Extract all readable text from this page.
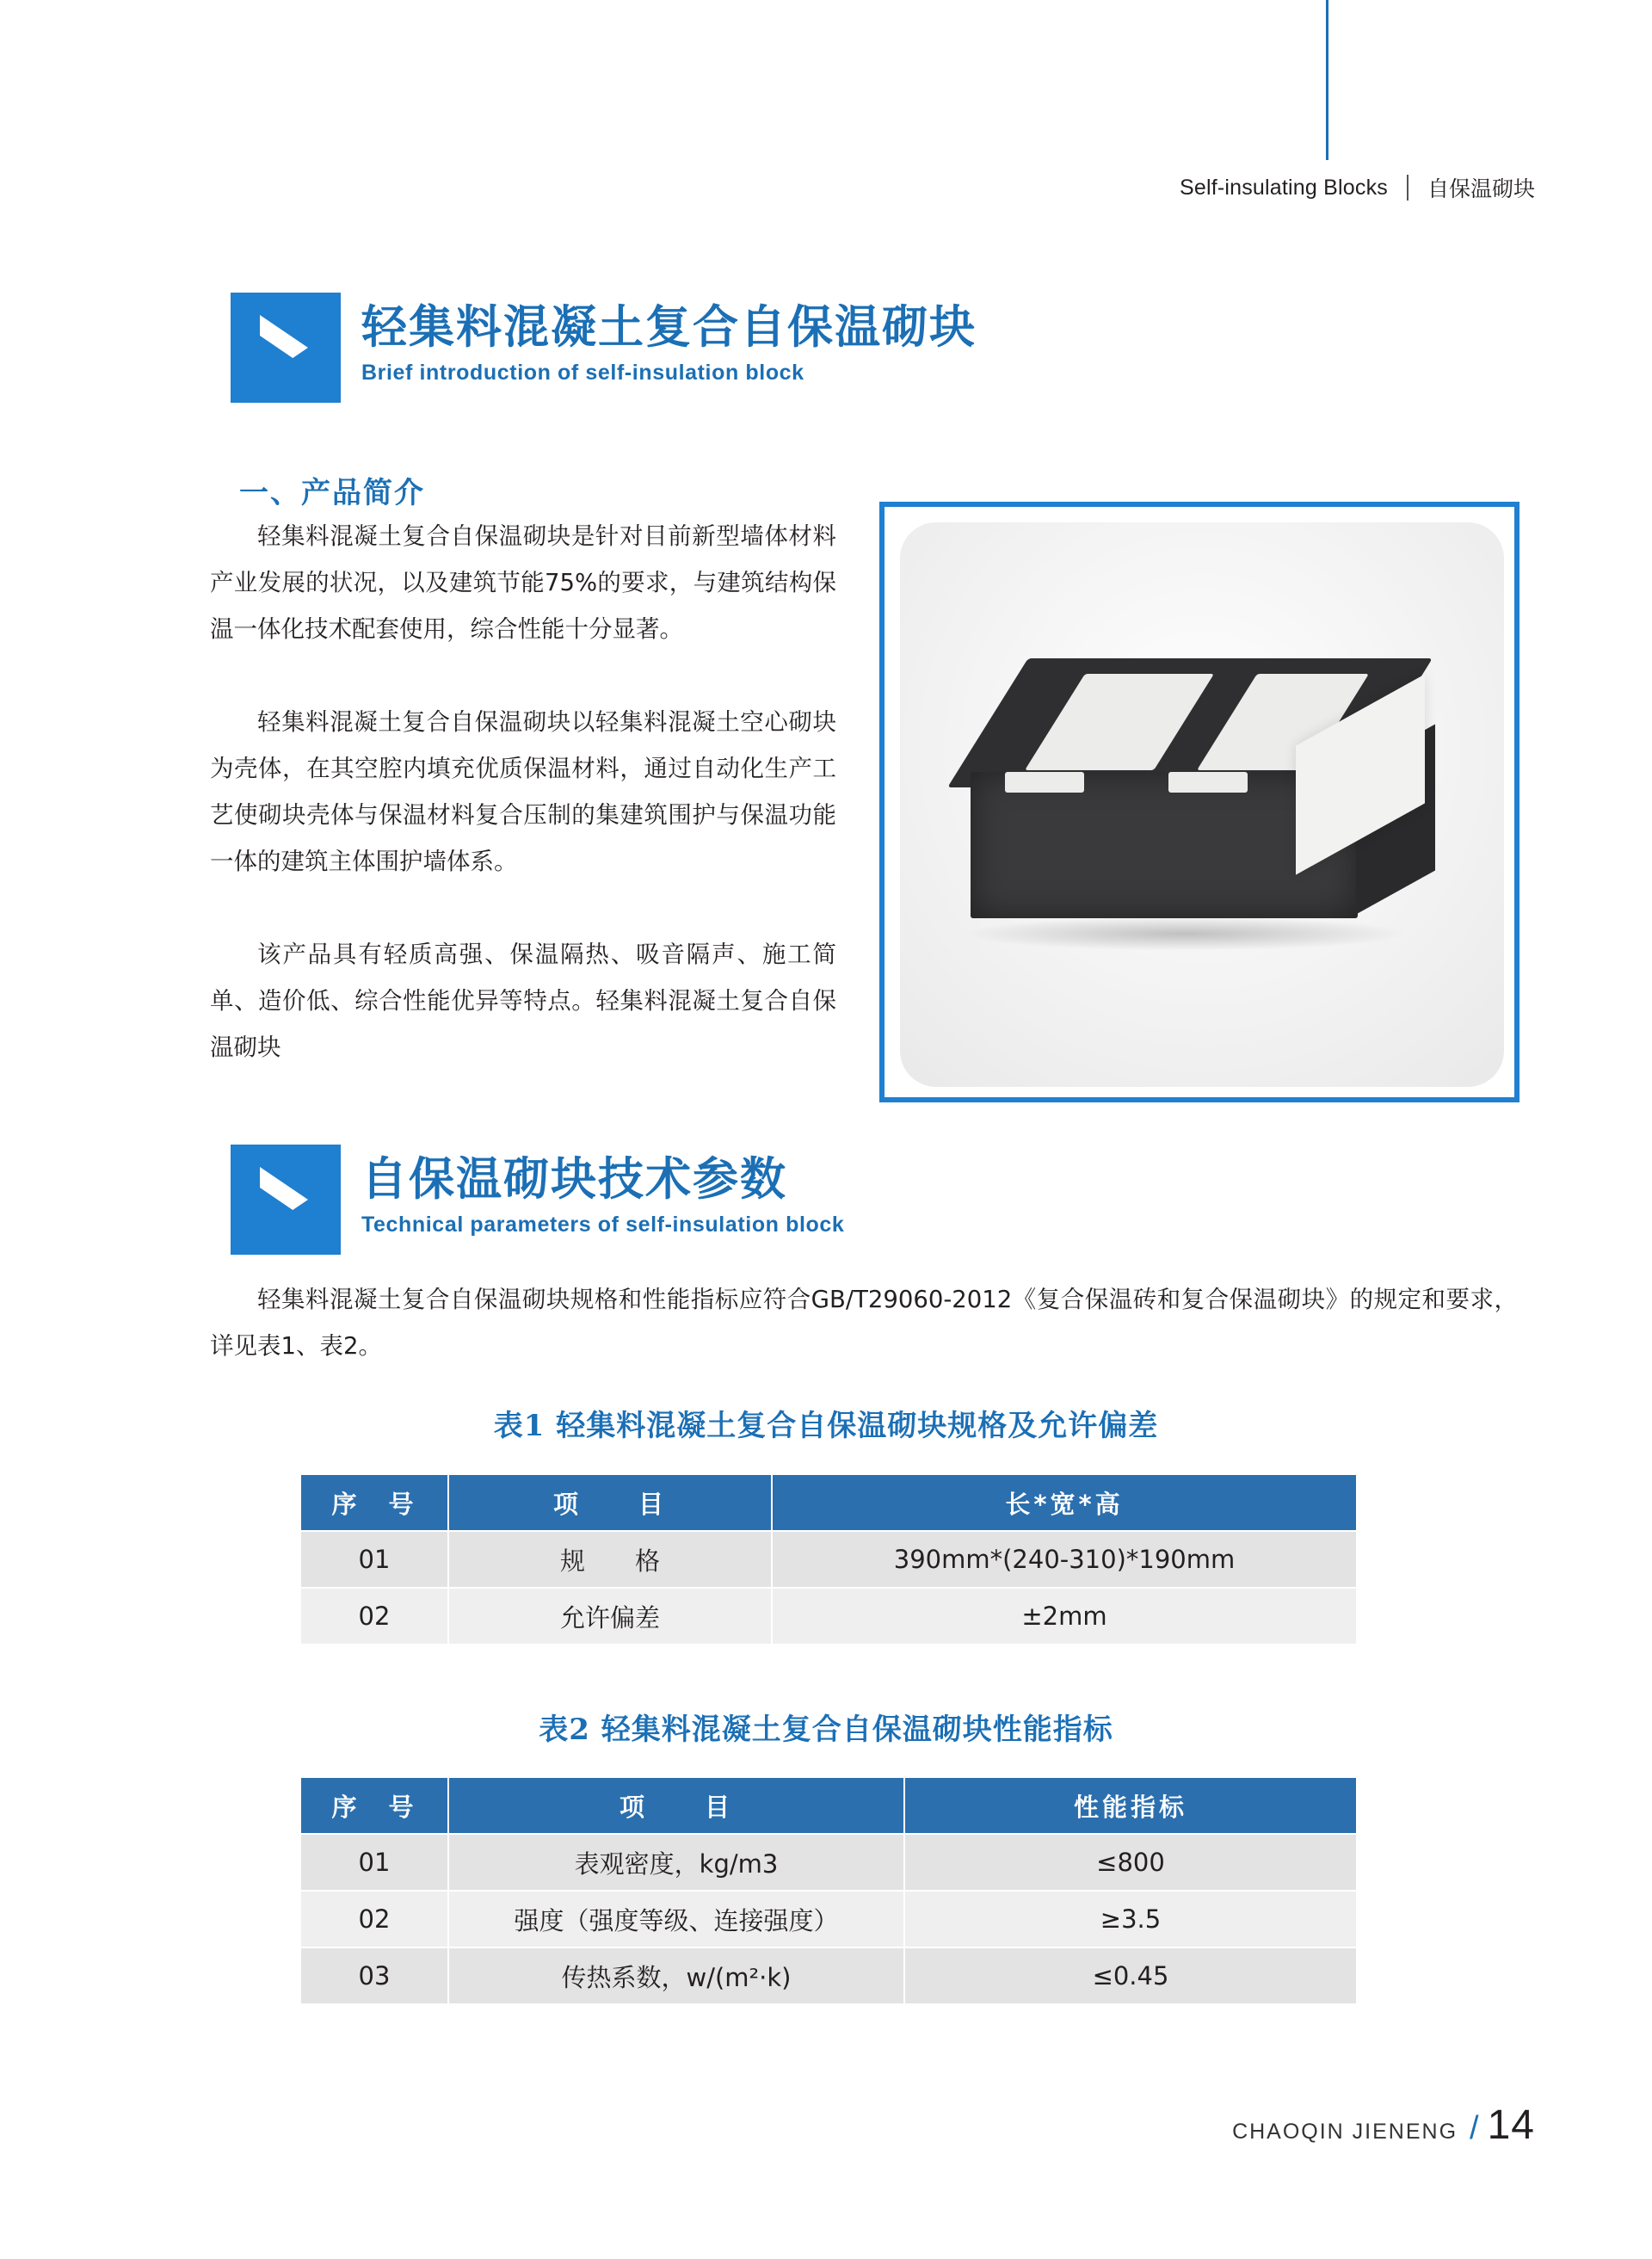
Self-insulating Blocks	自保温砌块
轻集料混凝土复合自保温砌块
Brief introduction of self-insulation block
一、产品简介

轻集料混凝土复合自保温砌块是针对目前新型墙体材料产业发展的状况，以及建筑节能75%的要求，与建筑结构保温一体化技术配套使用，综合性能十分显著。

轻集料混凝土复合自保温砌块以轻集料混凝土空心砌块为壳体，在其空腔内填充优质保温材料，通过自动化生产工艺使砌块壳体与保温材料复合压制的集建筑围护与保温功能一体的建筑主体围护墙体系。

该产品具有轻质高强、保温隔热、吸音隔声、施工简单、造价低、综合性能优异等特点。轻集料混凝土复合自保温砌块

自保温砌块技术参数
Technical parameters of self-insulation block

轻集料混凝土复合自保温砌块规格和性能指标应符合GB/T29060-2012《复合保温砖和复合保温砌块》的规定和要求，详见表1、表2。

表1 轻集料混凝土复合自保温砌块规格及允许偏差
序　号	项　　目	长*宽*高
01	规　　格	390mm*(240-310)*190mm
02	允许偏差	±2mm
表2 轻集料混凝土复合自保温砌块性能指标
序　号	项　　目	性能指标
01	表观密度，kg/m3	≤800
02	强度（强度等级、连接强度）	≥3.5
03	传热系数，w/(m²·k)	≤0.45
CHAOQIN JIENENG / 14
